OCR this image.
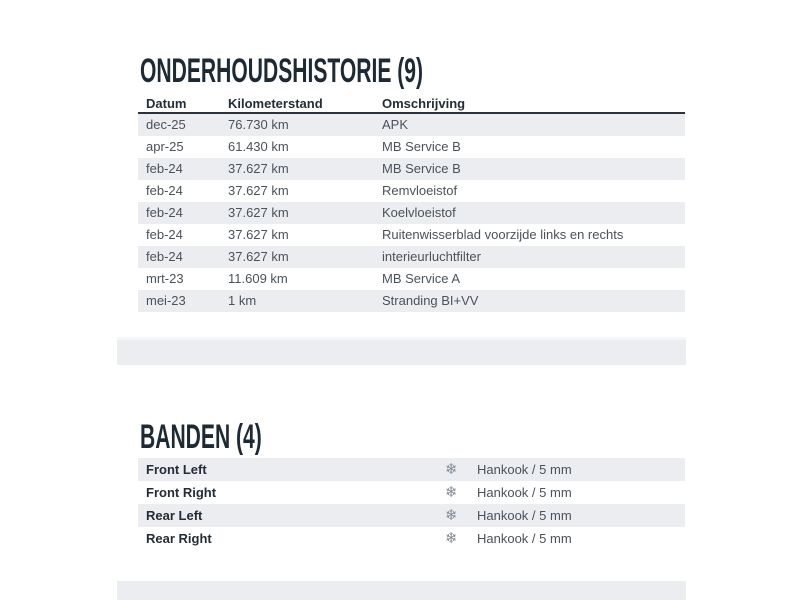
ONDERHOUDSHISTORIE (9)
Datum	Kilometerstand	Omschrijving
dec-25	76.730 km	APK
apr-25	61.430 km	MB Service B
feb-24	37.627 km	MB Service B
feb-24	37.627 km	Remvloeistof
feb-24	37.627 km	Koelvloeistof
feb-24	37.627 km	Ruitenwisserblad voorzijde links en rechts
feb-24	37.627 km	interieurluchtfilter
mrt-23	11.609 km	MB Service A
mei-23	1 km	Stranding BI+VV
BANDEN (4)
Front Left	❄	Hankook / 5 mm
Front Right	❄	Hankook / 5 mm
Rear Left	❄	Hankook / 5 mm
Rear Right	❄	Hankook / 5 mm
